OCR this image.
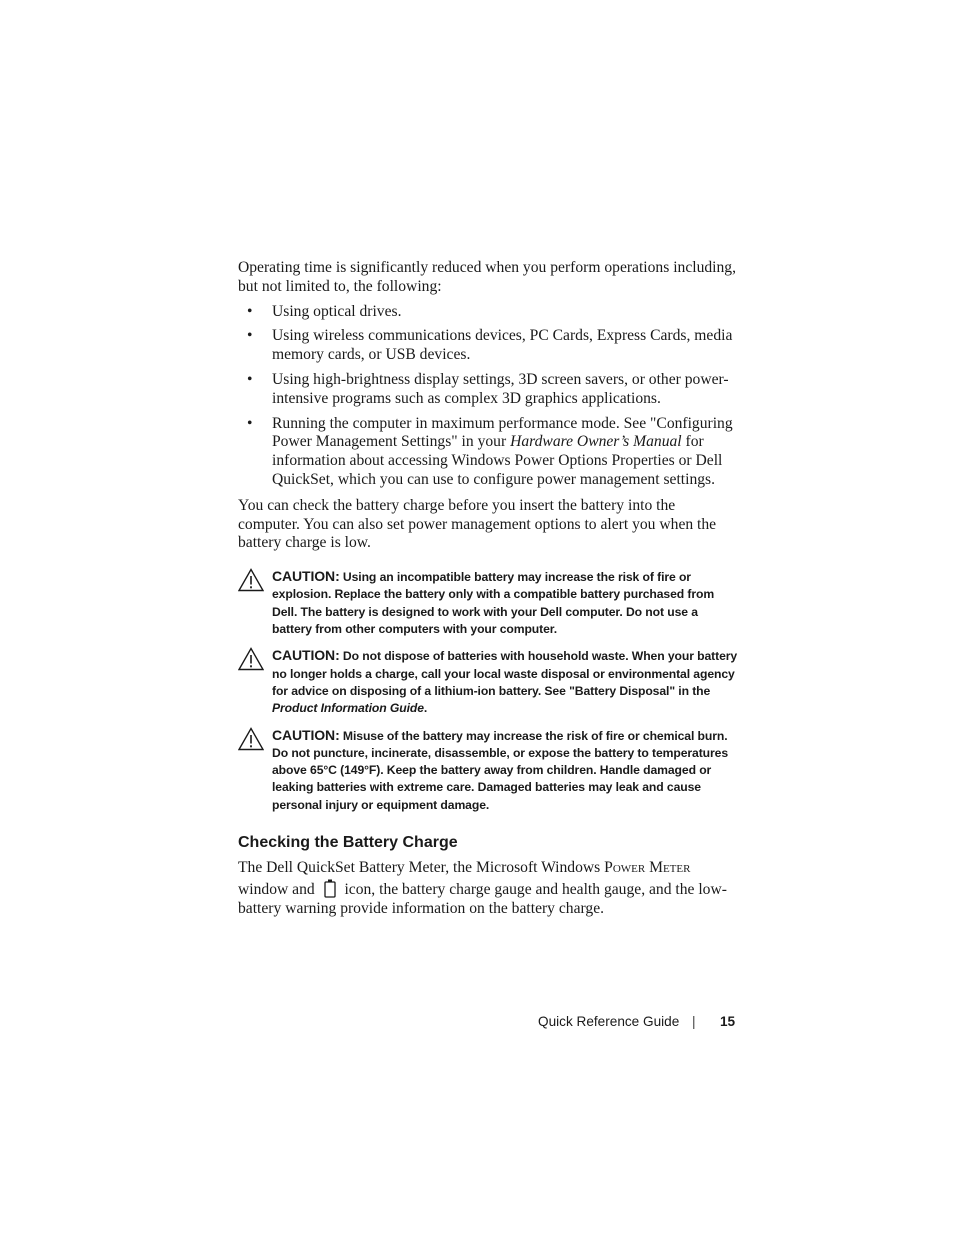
Operating time is significantly reduced when you perform operations including, but not limited to, the following:

• Using optical drives.
• Using wireless communications devices, PC Cards, Express Cards, media memory cards, or USB devices.
• Using high-brightness display settings, 3D screen savers, or other power-intensive programs such as complex 3D graphics applications.
• Running the computer in maximum performance mode. See "Configuring Power Management Settings" in your Hardware Owner’s Manual for information about accessing Windows Power Options Properties or Dell QuickSet, which you can use to configure power management settings.

You can check the battery charge before you insert the battery into the computer. You can also set power management options to alert you when the battery charge is low.

CAUTION: Using an incompatible battery may increase the risk of fire or explosion. Replace the battery only with a compatible battery purchased from Dell. The battery is designed to work with your Dell computer. Do not use a battery from other computers with your computer.
CAUTION: Do not dispose of batteries with household waste. When your battery no longer holds a charge, call your local waste disposal or environmental agency for advice on disposing of a lithium-ion battery. See "Battery Disposal" in the Product Information Guide.
CAUTION: Misuse of the battery may increase the risk of fire or chemical burn. Do not puncture, incinerate, disassemble, or expose the battery to temperatures above 65°C (149°F). Keep the battery away from children. Handle damaged or leaking batteries with extreme care. Damaged batteries may leak and cause personal injury or equipment damage.
Checking the Battery Charge

The Dell QuickSet Battery Meter, the Microsoft Windows Power Meter window and  icon, the battery charge gauge and health gauge, and the low-battery warning provide information on the battery charge.

Quick Reference Guide | 15
